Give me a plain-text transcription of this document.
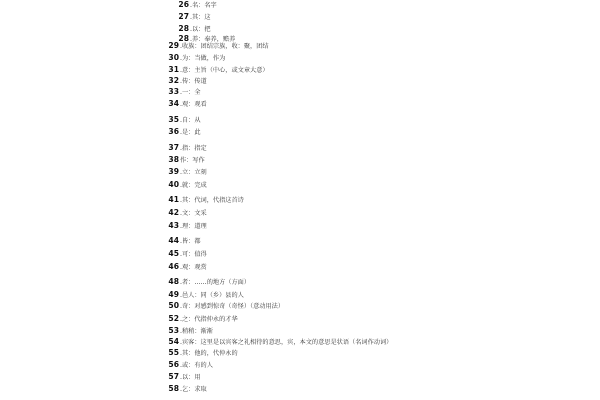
26 .名：名字
27 .其：这
28 .以：把
28 .养：奉养，赡养
29 .收族：团结宗族，收：聚，团结
30 .为：当做，作为
31 .意：主旨（中心，或文章大意）
32 .传：传道
33 .一：全
34 .观：观看
35 .自：从
36 .是：此
37 .指：指定
38 作：写作
39 .立：立刻
40 .就：完成
41 .其：代词，代指这首诗
42 .文：文采
43 .理：道理
44 .皆：都
45 .可：值得
46 .观：观赏
48 .者：……的地方（方面）
49 .邑人：同（乡）县的人
50 .奇：对感到惊奇（奇怪）（意动用法）
52 .之：代指仲永的才华
53 .稍稍：渐渐
54 .宾客：这里是以宾客之礼相待的意思，宾，本文的意思是状语（名词作动词）
55 .其：他的，代仲永的
56 .或：有的人
57 .以：用
58 .乞：求取
